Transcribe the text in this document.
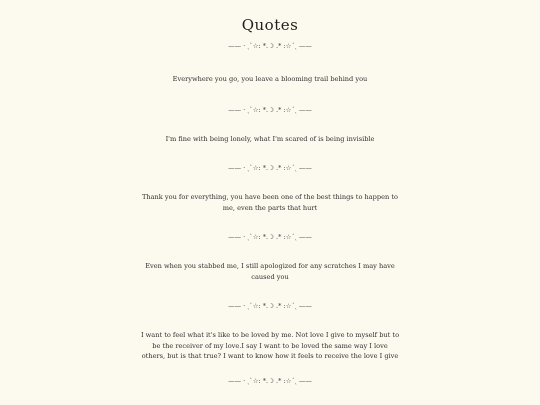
Quotes
—— · ˏˋ☆: *.☽ .* :☆ˊˎ ——

Everywhere you go, you leave a blooming trail behind you

—— · ˏˋ☆: *.☽ .* :☆ˊˎ ——

I'm fine with being lonely, what I'm scared of is being invisible

—— · ˏˋ☆: *.☽ .* :☆ˊˎ ——

Thank you for everything, you have been one of the best things to happen to me, even the parts that hurt

—— · ˏˋ☆: *.☽ .* :☆ˊˎ ——

Even when you stabbed me, I still apologized for any scratches I may have caused you

—— · ˏˋ☆: *.☽ .* :☆ˊˎ ——

I want to feel what it's like to be loved by me. Not love I give to myself but to be the receiver of my love.I say I want to be loved the same way I love others, but is that true? I want to know how it feels to receive the love I give

—— · ˏˋ☆: *.☽ .* :☆ˊˎ ——
